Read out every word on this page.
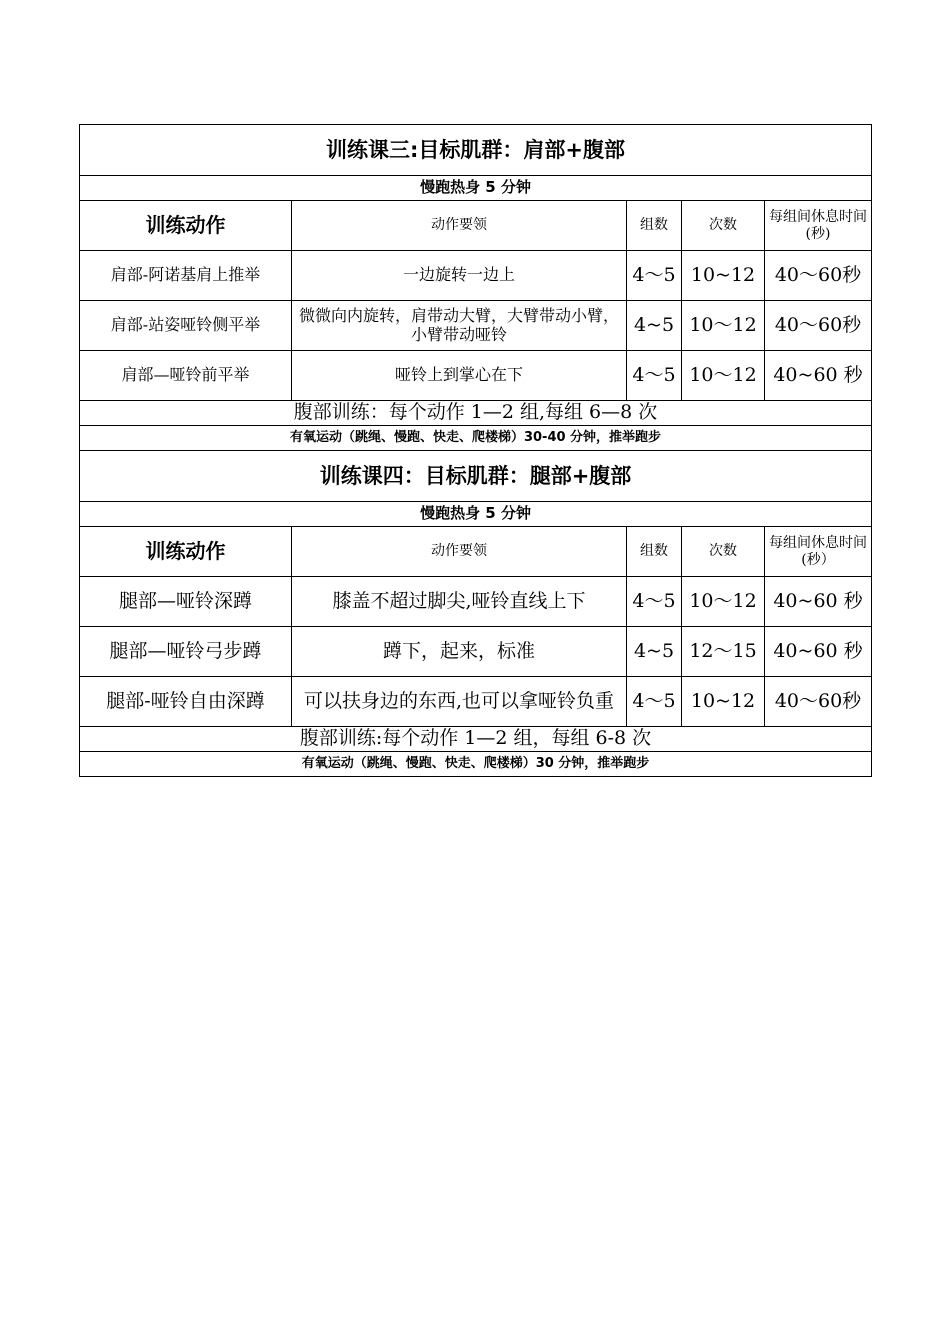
训练课三:目标肌群：肩部+腹部				
慢跑热身 5 分钟				
训练动作	动作要领	组数	次数	每组间休息时间(秒)
肩部-阿诺基肩上推举	一边旋转一边上	4～5	10~12	40～60秒
肩部-站姿哑铃侧平举	微微向内旋转，肩带动大臂，大臂带动小臂，小臂带动哑铃	4~5	10～12	40～60秒
肩部—哑铃前平举	哑铃上到掌心在下	4～5	10～12	40~60 秒
腹部训练：每个动作 1—2 组,每组 6—8 次				
有氧运动（跳绳、慢跑、快走、爬楼梯）30-40 分钟，推举跑步				
训练课四：目标肌群：腿部+腹部				
慢跑热身 5 分钟				
训练动作	动作要领	组数	次数	每组间休息时间(秒）
腿部—哑铃深蹲	膝盖不超过脚尖,哑铃直线上下	4～5	10～12	40~60 秒
腿部—哑铃弓步蹲	蹲下，起来，标准	4~5	12～15	40~60 秒
腿部-哑铃自由深蹲	可以扶身边的东西,也可以拿哑铃负重	4～5	10~12	40～60秒
腹部训练:每个动作 1—2 组，每组 6-8 次				
有氧运动（跳绳、慢跑、快走、爬楼梯）30 分钟，推举跑步				
